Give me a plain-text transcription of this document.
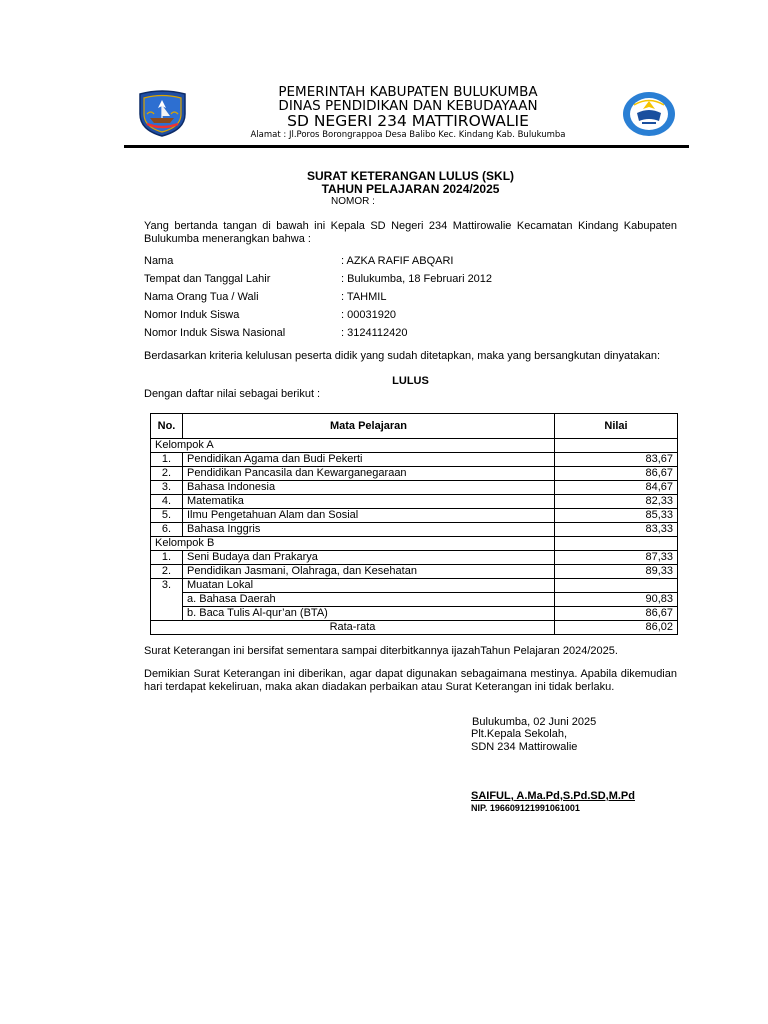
PEMERINTAH KABUPATEN BULUKUMBA
DINAS PENDIDIKAN DAN KEBUDAYAAN
SD NEGERI 234 MATTIROWALIE
Alamat : Jl.Poros Borongrappoa Desa Balibo Kec. Kindang Kab. Bulukumba
SURAT KETERANGAN LULUS (SKL)
TAHUN PELAJARAN 2024/2025
NOMOR :
Yang bertanda tangan di bawah ini Kepala SD Negeri 234 Mattirowalie Kecamatan Kindang Kabupaten Bulukumba menerangkan bahwa :
Nama	: AZKA RAFIF ABQARI
Tempat dan Tanggal Lahir	: Bulukumba, 18 Februari 2012
Nama Orang Tua / Wali	: TAHMIL
Nomor Induk Siswa	: 00031920
Nomor Induk Siswa Nasional	: 3124112420
Berdasarkan kriteria kelulusan peserta didik yang sudah ditetapkan, maka yang bersangkutan dinyatakan:
LULUS
Dengan daftar nilai sebagai berikut :
No.	Mata Pelajaran	Nilai
Kelompok A		
1.	Pendidikan Agama dan Budi Pekerti	83,67
2.	Pendidikan Pancasila dan Kewarganegaraan	86,67
3.	Bahasa Indonesia	84,67
4.	Matematika	82,33
5.	Ilmu Pengetahuan Alam dan Sosial	85,33
6.	Bahasa Inggris	83,33
Kelompok B		
1.	Seni Budaya dan Prakarya	87,33
2.	Pendidikan Jasmani, Olahraga, dan Kesehatan	89,33
3.	Muatan Lokal	
	a. Bahasa Daerah	90,83
	b. Baca Tulis Al-qur’an (BTA)	86,67
Rata-rata		86,02
Surat Keterangan ini bersifat sementara sampai diterbitkannya ijazahTahun Pelajaran 2024/2025.
Demikian Surat Keterangan ini diberikan, agar dapat digunakan sebagaimana mestinya. Apabila dikemudian hari terdapat kekeliruan, maka akan diadakan perbaikan atau Surat Keterangan ini tidak berlaku.
Bulukumba, 02 Juni 2025
Plt.Kepala Sekolah,
SDN 234 Mattirowalie
SAIFUL, A.Ma.Pd,S.Pd.SD,M.Pd
NIP. 196609121991061001
